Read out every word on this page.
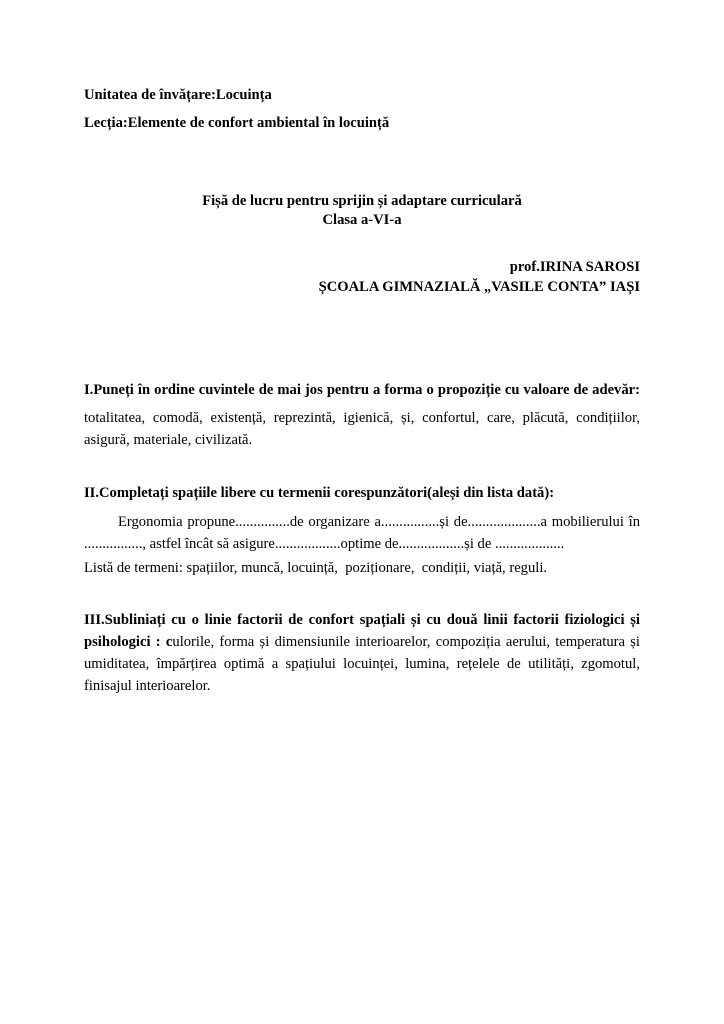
Unitatea de învățare:Locuința
Lecția:Elemente de confort ambiental în locuință
Fișă de lucru pentru sprijin și adaptare curriculară
Clasa a-VI-a
prof.IRINA SAROSI
ȘCOALA GIMNAZIALĂ „VASILE CONTA” IAȘI
I.Puneți în ordine cuvintele de mai jos pentru a forma o propoziție cu valoare de adevăr:
totalitatea, comodă, existență, reprezintă, igienică, și, confortul, care, plăcută, condițiilor,
asigură, materiale, civilizată.
II.Completați spațiile libere cu termenii corespunzători(aleși din lista dată):
Ergonomia propune...............de organizare a................și de....................a mobilierului în
................, astfel încât să asigure..................optime de..................și de ...................
Listă de termeni: spațiilor, muncă, locuință,  poziționare,  condiții, viață, reguli.
III.Subliniați cu o linie factorii de confort spațiali și cu două linii factorii fiziologici și
psihologici : culorile, forma și dimensiunile interioarelor, compoziția aerului, temperatura și
umiditatea, împărțirea optimă a spațiului locuinței, lumina, rețelele de utilități, zgomotul,
finisajul interioarelor.
